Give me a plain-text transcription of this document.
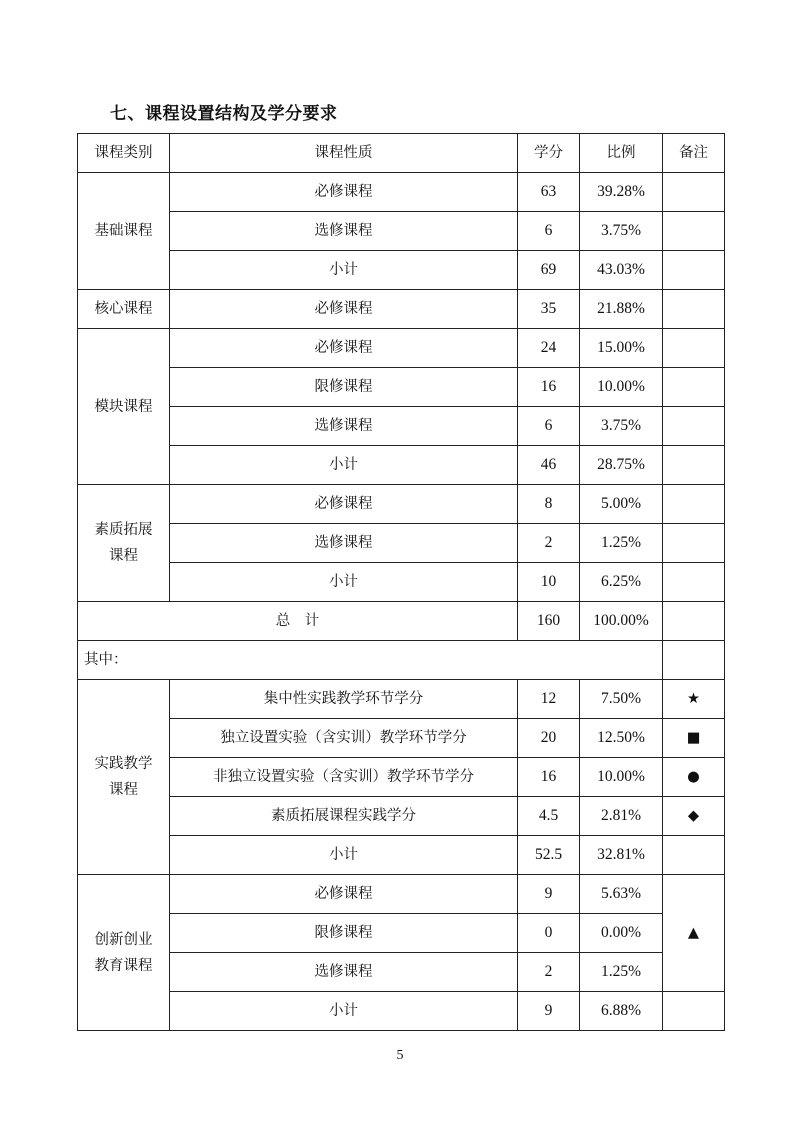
七、课程设置结构及学分要求
课程类别	课程性质	学分	比例	备注
基础课程	必修课程	63	39.28%	
	选修课程	6	3.75%	
	小计	69	43.03%	
核心课程	必修课程	35	21.88%	
模块课程	必修课程	24	15.00%	
	限修课程	16	10.00%	
	选修课程	6	3.75%	
	小计	46	28.75%	
素质拓展
课程	必修课程	8	5.00%	
	选修课程	2	1.25%	
	小计	10	6.25%	
总　计		160	100.00%	
其中：				
实践教学
课程	集中性实践教学环节学分	12	7.50%	★
	独立设置实验（含实训）教学环节学分	20	12.50%	■
	非独立设置实验（含实训）教学环节学分	16	10.00%	●
	素质拓展课程实践学分	4.5	2.81%	◆
	小计	52.5	32.81%	
创新创业
教育课程	必修课程	9	5.63%	▲
	限修课程	0	0.00%	
	选修课程	2	1.25%	
	小计	9	6.88%	
5
